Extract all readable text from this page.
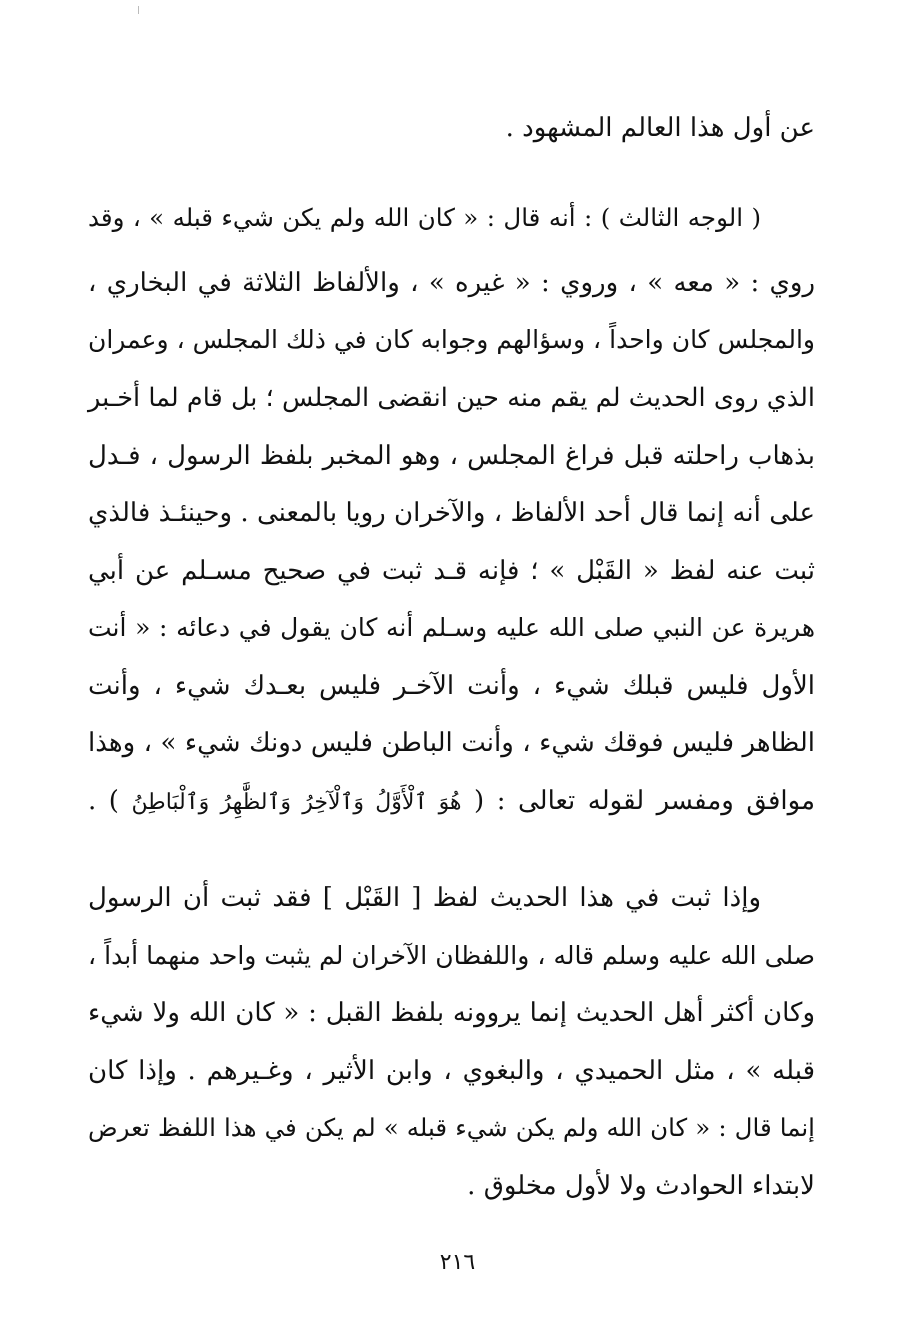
عن أول هذا العالم المشهود .
( الوجه الثالث ) : أنه قال : « كان الله ولم يكن شيء قبله » ، وقد
روي : « معه » ، وروي : « غيره » ، والألفاظ الثلاثة في البخاري ،
والمجلس كان واحداً ، وسؤالهم وجوابه كان في ذلك المجلس ، وعمران
الذي روى الحديث لم يقم منه حين انقضى المجلس ؛ بل قام لما أخـبر
بذهاب راحلته قبل فراغ المجلس ، وهو المخبر بلفظ الرسول ، فـدل
على أنه إنما قال أحد الألفاظ ، والآخران رويا بالمعنى . وحينئـذ فالذي
ثبت عنه لفظ « القَبْل » ؛ فإنه قـد ثبت في صحيح مسـلم عن أبي
هريرة عن النبي صلى الله عليه وسـلم أنه كان يقول في دعائه : « أنت
الأول فليس قبلك شيء ، وأنت الآخـر فليس بعـدك شيء ، وأنت
الظاهر فليس فوقك شيء ، وأنت الباطن فليس دونك شيء » ، وهذا
موافق ومفسر لقوله تعالى : ( هُوَ ٱلْأَوَّلُ وَٱلْآخِرُ وَٱلظَّٰهِرُ وَٱلْبَاطِنُ ) .
وإذا ثبت في هذا الحديث لفظ [ القَبْل ] فقد ثبت أن الرسول
صلى الله عليه وسلم قاله ، واللفظان الآخران لم يثبت واحد منهما أبداً ،
وكان أكثر أهل الحديث إنما يروونه بلفظ القبل : « كان الله ولا شيء
قبله » ، مثل الحميدي ، والبغوي ، وابن الأثير ، وغـيرهم . وإذا كان
إنما قال : « كان الله ولم يكن شيء قبله » لم يكن في هذا اللفظ تعرض
لابتداء الحوادث ولا لأول مخلوق .
٢١٦
